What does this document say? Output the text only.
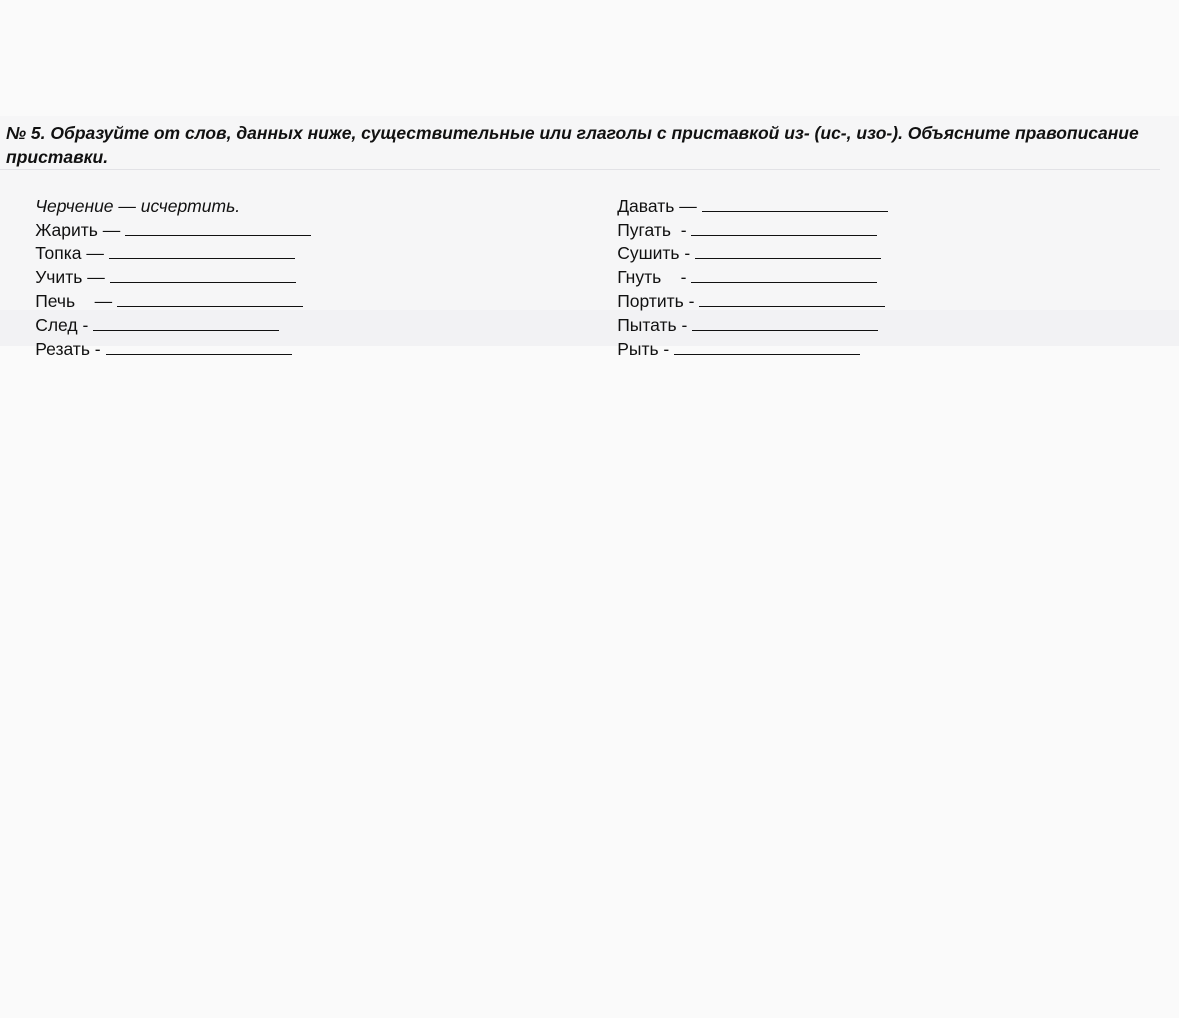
№ 5. Образуйте от слов, данных ниже, существительные или глаголы с приставкой из- (ис-, изо-). Объясните правописание приставки.

Черчение — исчертить.

Жарить —

Топка —

Учить —

Печь    —

След -

Резать -

Давать —

Пугать  -

Сушить -

Гнуть    -

Портить -

Пытать -

Рыть -
